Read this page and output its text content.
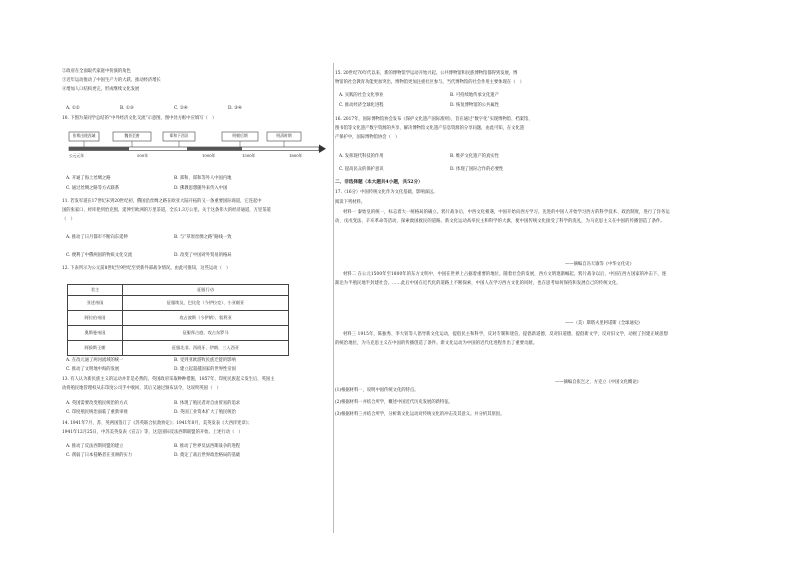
②政府在全面取代家庭中扮演的角色
③近年运动推动了中国生产力的大跃，推动经济增长
④增加人口结构更完，形成继续文化发展
A. ①②	B. ①③	C. ②④	D. ③④
10. 下图为某同学总结的“中外经济文化交流”示意图，图中处方框中应填写（　）
张骞出使西域	魏晋至唐	郑和下西洋	明朝后期	明清时期
公元元年	500年	1000年	1500年	1800年
A. 开通了海上丝绸之路	B. 郑和、郑和等外人中国内地
C. 通过丝绸之路等方式联系	D. 佛教思想随外来传入中国
11. 若发军道在17世纪末到20世纪初，俄国沿丝绸之路在欧亚大陆开拓的又一条重要国际商道，它连起中
国的张家口、经库伦到恰克图，延伸至欧洲的万里茶道，全长1.3万公里。关于这条伟大的经济通道，万里茶道
（　）
A. 推动了日月都市不断向东延伸	B. 与“草原丝绸之路”路线一致
C. 便利了中俄两国的物质文化交流	D. 改变了中国对外贸易的格局
12. 下表所示为公元前8世纪至9世纪至更新外部战争情况。由此可推知，这些运动（　）
君主	征服行动
亚述帝国	征服埃及、巴比伦（今伊拉克）、小亚细亚
阿拉伯帝国	攻占波斯（今伊朗）、叙利亚
奥斯曼帝国	征服拜占庭、攻占东罗马
阿拔斯王朝	征服北非、西班牙、伊朗、三入西亚
A. 在改元通了两河流域的统一	B. 受到亚欧游牧民族迁徙的影响
C. 推动了文明地中海的发展	D. 建立起超越国家的世界性帝国
13. 有人认为新民族主义的运动并非是必然的。英国政府采取种种措施，1857年，印度民族起义发生后，英国主
动将殖民地管理权从东印度公司手中收回，其后又通过颁布法令，这说明英国（　）
A. 英国需要改变殖民统治的方式	B. 体现了殖民者对自由贸易的追求
C. 印度殖民统治面临了重新审视	D. 英国工业资本扩大了殖民统治
14. 1941年7月，苏、英两国签订了《苏英联合抗敌协定》；1941年8月，美英发表《大西洋宪章》；
1941年12月25日，中苏美英发表《宣言》等，这是国际反法西斯联盟的开始。上述行动（　）
A. 推动了反法西斯同盟的建立	B. 推动了世界反法西斯战争的进程
C. 削弱了日本侵略者在亚洲的实力	D. 奠定了战后世界政治格局的基础
15. 20世纪70年代以来，新的博物馆学运动开始兴起。公共博物馆和民族博物馆都得到发展，博
物馆的社会教育功能更加突出，博物馆更加注重社区参与。当代博物馆的社会作用主要体现在（　）
A. 实践的社会文化事业	B. 可持续地传承文化遗产
C. 推动经济全球化进程	D. 恢复博物馆的公共属性
16. 2017年，国际博物馆协会发布《保护文化遗产国际准则》，旨在通过“数字化”实现博物馆、档案馆、
图书馆等文化遗产数字资源的共享，解决博物馆文化遗产信息资源的分享问题，由此可知，在文化遗
产保护中，国际博物馆协会（　）
A. 发挥现代科技的作用	B. 维护文化遗产的真实性
C. 提高民众的保护意识	D. 体现了国际合作的必要性
二、非选择题（本大题共4小题，共52分）
17.（16分）中国传统文化作为文化基础，影响深远。
阅读下列材料。
材料一 秦始皇的统一，标志着大一统格局的确立。鸦片战争后，中西文化相遇，中国开始向西方学习。先进的中国人开始学习西方的科学技术、政治制度，进行了洋务运动、戊戌变法、辛亥革命等活动，探索救国救民的道路。新文化运动高举民主和科学的大旗，使中国传统文化接受了科学的洗礼，为马克思主义在中国的传播创造了条件。
——摘编自冯天瑜等《中华文化史》
材料二 在公元1500年至1800年的东方文明中，中国在世界上占据着重要的地位。随着社会的发展，西方文明逐渐崛起。鸦片战争以后，中国在西方国家的冲击下，逐渐沦为半殖民地半封建社会。……此后中国在近代化的道路上不断探索，中国人在学习西方文化的同时，也在思考如何保持和发展自己的传统文化。
——（美）斯塔夫里阿诺斯《全球通史》
材料三 1915年，陈独秀、李大钊等人倡导新文化运动，提倡民主和科学，反对专制和迷信，提倡新道德，反对旧道德，提倡新文学，反对旧文学，动摇了封建正统思想的统治地位，为马克思主义在中国的传播创造了条件。新文化运动为中国的近代化进程作出了重要贡献。
——摘编自张岂之、方克立《中国文化概论》
(1)根据材料一，说明中国传统文化的特点。
(2)根据材料一并结合所学，概述中国近代历史发展的新特征。
(3)根据材料三并结合所学，分析新文化运动对传统文化的冲击及其意义。并分析其原因。
